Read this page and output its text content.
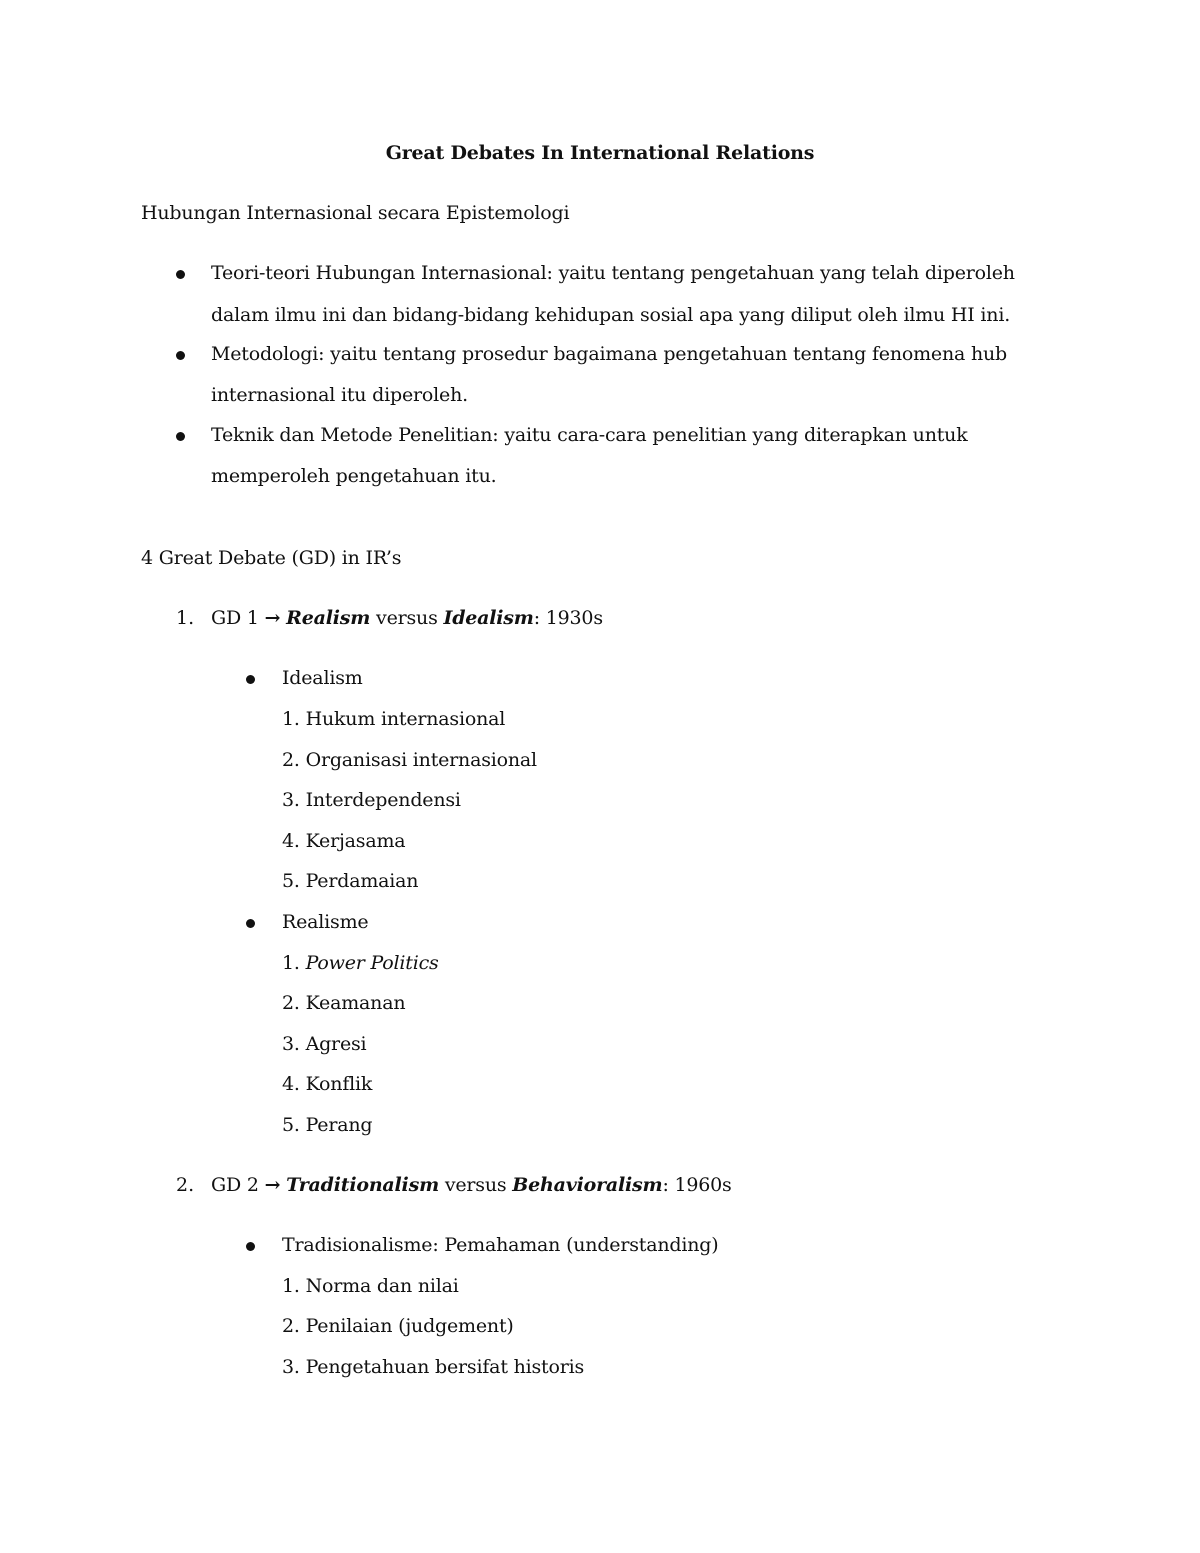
Great Debates In International Relations
Hubungan Internasional secara Epistemologi
Teori-teori Hubungan Internasional: yaitu tentang pengetahuan yang telah diperoleh
dalam ilmu ini dan bidang-bidang kehidupan sosial apa yang diliput oleh ilmu HI ini.
Metodologi: yaitu tentang prosedur bagaimana pengetahuan tentang fenomena hub
internasional itu diperoleh.
Teknik dan Metode Penelitian: yaitu cara-cara penelitian yang diterapkan untuk
memperoleh pengetahuan itu.
4 Great Debate (GD) in IR’s
1. GD 1 → Realism versus Idealism: 1930s
Idealism
1. Hukum internasional
2. Organisasi internasional
3. Interdependensi
4. Kerjasama
5. Perdamaian
Realisme
1. Power Politics
2. Keamanan
3. Agresi
4. Konflik
5. Perang
2. GD 2 → Traditionalism versus Behavioralism: 1960s
Tradisionalisme: Pemahaman (understanding)
1. Norma dan nilai
2. Penilaian (judgement)
3. Pengetahuan bersifat historis
